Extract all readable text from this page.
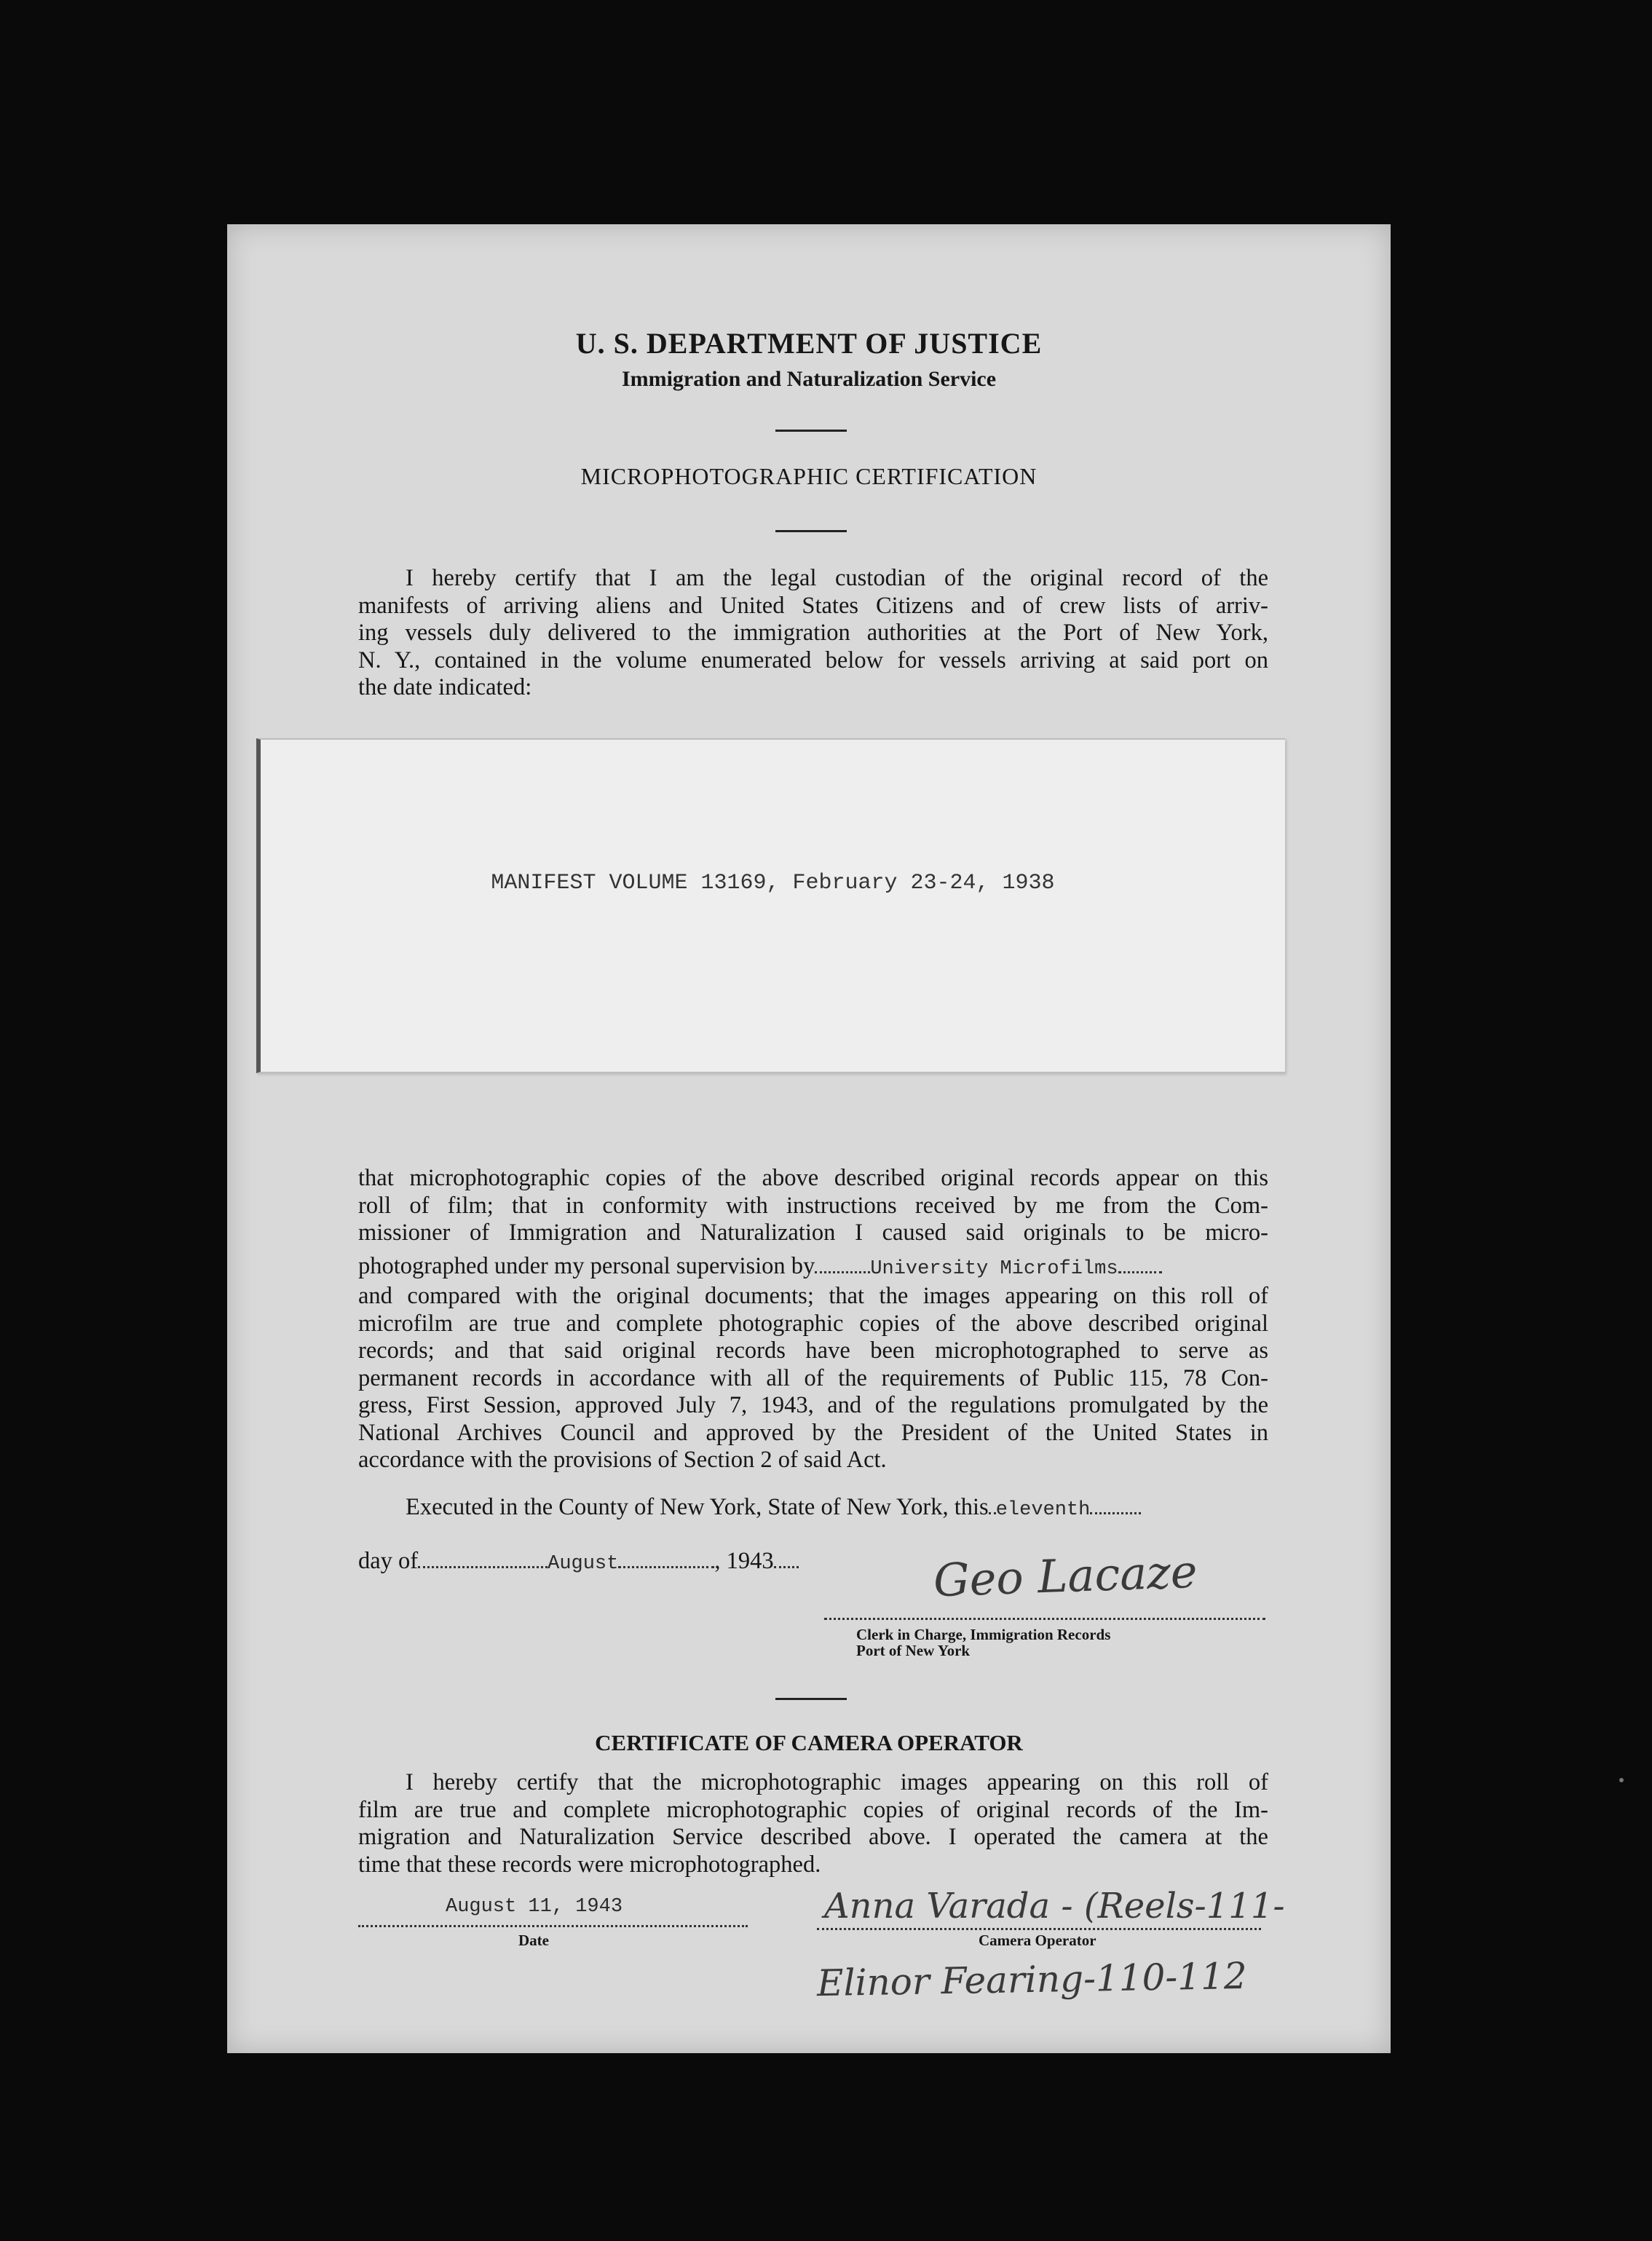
U. S. DEPARTMENT OF JUSTICE
Immigration and Naturalization Service
MICROPHOTOGRAPHIC CERTIFICATION
I hereby certify that I am the legal custodian of the original record of the
manifests of arriving aliens and United States Citizens and of crew lists of arriv-
ing vessels duly delivered to the immigration authorities at the Port of New York,
N. Y., contained in the volume enumerated below for vessels arriving at said port on
the date indicated:
MANIFEST VOLUME 13169, February 23-24, 1938
that microphotographic copies of the above described original records appear on this
roll of film; that in conformity with instructions received by me from the Com-
missioner of Immigration and Naturalization I caused said originals to be micro-
photographed under my personal supervision by	University Microfilms
and compared with the original documents; that the images appearing on this roll of
microfilm are true and complete photographic copies of the above described original
records; and that said original records have been microphotographed to serve as
permanent records in accordance with all of the requirements of Public 115, 78 Con-
gress, First Session, approved July 7, 1943, and of the regulations promulgated by the
National Archives Council and approved by the President of the United States in
accordance with the provisions of Section 2 of said Act.
Executed in the County of New York, State of New York, this eleventh
day of	August	, 1943	Geo Lacaze
Clerk in Charge, Immigration Records
Port of New York
CERTIFICATE OF CAMERA OPERATOR
I hereby certify that the microphotographic images appearing on this roll of
film are true and complete microphotographic copies of original records of the Im-
migration and Naturalization Service described above. I operated the camera at the
time that these records were microphotographed.
August 11, 1943
Date
Anna Varada - (Reels-111-
Camera Operator
Elinor Fearing-110-112
